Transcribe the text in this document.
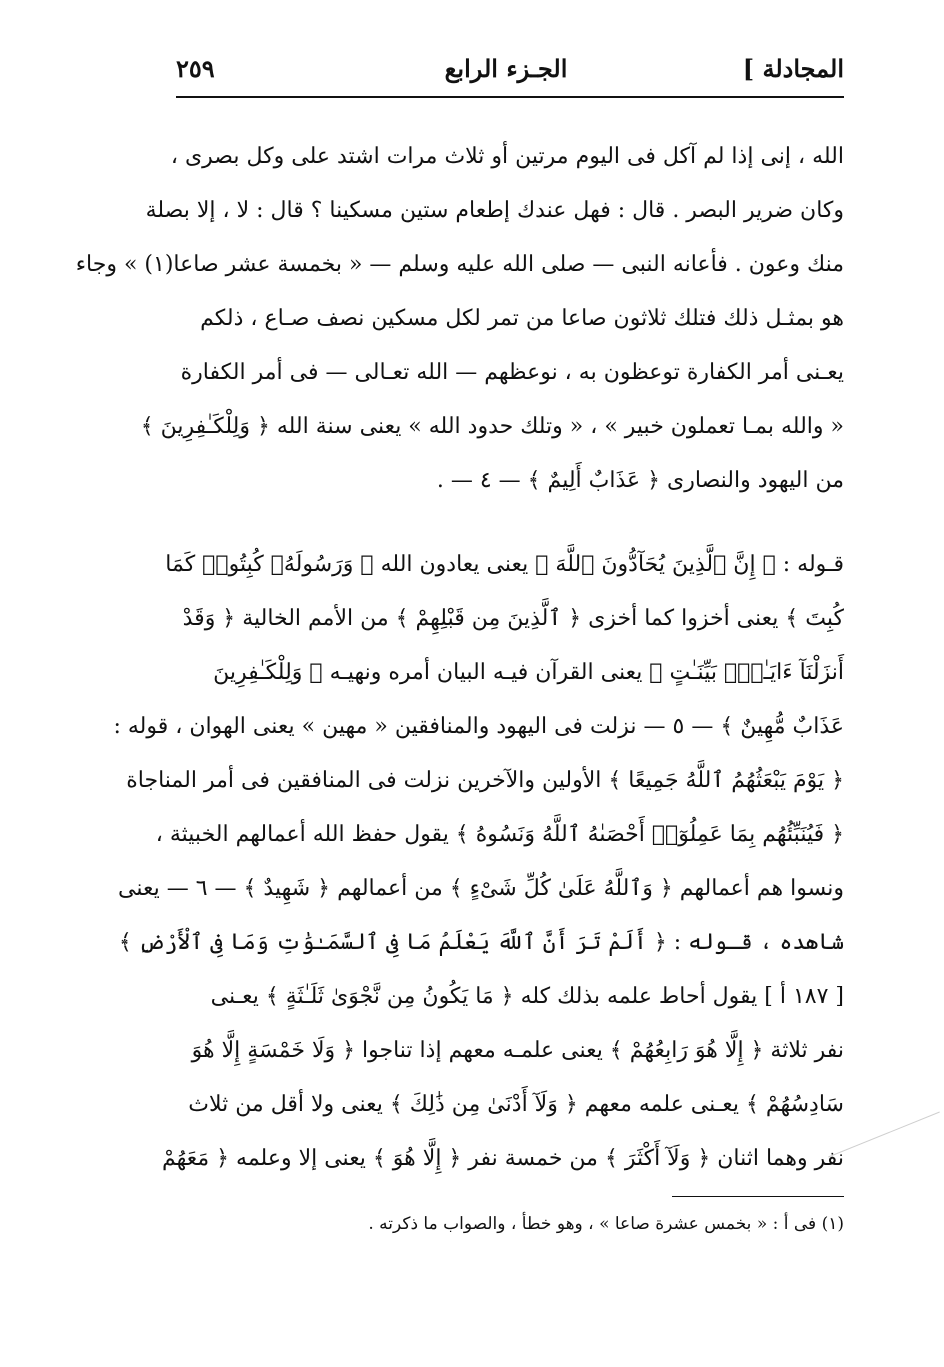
المجادلة ]
الجـزء الرابع
٢٥٩
الله ، إنى إذا لم آكل فى اليوم مرتين أو ثلاث مرات اشتد على وكل بصرى ،
وكان ضرير البصر . قال : فهل عندك إطعام ستين مسكينا ؟ قال : لا ، إلا بصلة
منك وعون . فأعانه النبى — صلى الله عليه وسلم — « بخمسة عشر صاعا(١) » وجاء
هو بمثـل ذلك فتلك ثلاثون صاعا من تمر لكل مسكين نصف صـاع ، ذلكم
يعـنى أمر الكفارة توعظون به ، نوعظهم — الله تعـالى — فى أمر الكفارة
« والله بمـا تعملون خبير » ، « وتلك حدود الله » يعنى سنة الله ﴿ وَلِلْكَـٰفِرِينَ ﴾
من اليهود والنصارى ﴿ عَذَابٌ أَلِيمٌ ﴾ — ٤ — .
قـوله : ﴿ إِنَّ ٱلَّذِينَ يُحَآدُّونَ ٱللَّهَ ﴾ يعنى يعادون الله ﴿ وَرَسُولَهُۥ كُبِتُوا۟ كَمَا
كُبِتَ ﴾ يعنى أخزوا كما أخزى ﴿ ٱلَّذِينَ مِن قَبْلِهِمْ ﴾ من الأمم الخالية ﴿ وَقَدْ
أَنزَلْنَآ ءَايَـٰتٍۭ بَيِّنَـٰتٍ ﴾ يعنى القرآن فيـه البيان أمره ونهيـه ﴿ وَلِلْكَـٰفِرِينَ
عَذَابٌ مُّهِينٌ ﴾ — ٥ — نزلت فى اليهود والمنافقين « مهين » يعنى الهوان ، قوله :
﴿ يَوْمَ يَبْعَثُهُمُ ٱللَّهُ جَمِيعًا ﴾ الأولين والآخرين نزلت فى المنافقين فى أمر المناجاة
﴿ فَيُنَبِّئُهُم بِمَا عَمِلُوٓا۟ أَحْصَىٰهُ ٱللَّهُ وَنَسُوهُ ﴾ يقول حفظ الله أعمالهم الخبيثة ،
ونسوا هم أعمالهم ﴿ وَٱللَّهُ عَلَىٰ كُلِّ شَىْءٍ ﴾ من أعمالهم ﴿ شَهِيدٌ ﴾ — ٦ — يعنى
شاهده ، قـوله : ﴿ أَلَمْ تَرَ أَنَّ ٱللَّهَ يَعْلَمُ مَا فِى ٱلسَّمَـٰوَٰتِ وَمَا فِى ٱلْأَرْضِ ﴾
[ ١٨٧ أ ] يقول أحاط علمه بذلك كله ﴿ مَا يَكُونُ مِن نَّجْوَىٰ ثَلَـٰثَةٍ ﴾ يعـنى
نفر ثلاثة ﴿ إِلَّا هُوَ رَابِعُهُمْ ﴾ يعنى علمـه معهم إذا تناجوا ﴿ وَلَا خَمْسَةٍ إِلَّا هُوَ
سَادِسُهُمْ ﴾ يعـنى علمه معهم ﴿ وَلَآ أَدْنَىٰ مِن ذَٰلِكَ ﴾ يعنى ولا أقل من ثلاث
نفر وهما اثنان ﴿ وَلَآ أَكْثَرَ ﴾ من خمسة نفر ﴿ إِلَّا هُوَ ﴾ يعنى إلا وعلمه ﴿ مَعَهُمْ
(١) فى أ : « بخمس عشرة صاعا » ، وهو خطأ ، والصواب ما ذكرته .
